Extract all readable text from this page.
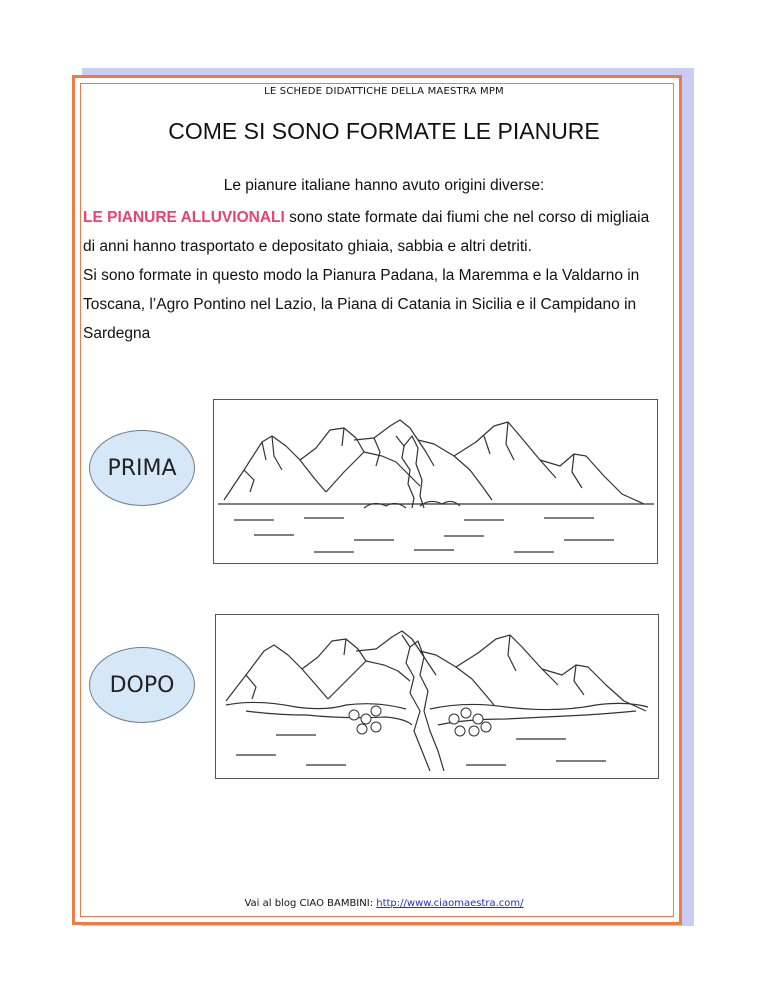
LE SCHEDE DIDATTICHE DELLA MAESTRA MPM
COME SI SONO FORMATE LE PIANURE
Le pianure italiane hanno avuto origini diverse:
LE PIANURE ALLUVIONALI sono state formate dai fiumi che nel corso di migliaia di anni hanno trasportato e depositato ghiaia, sabbia e altri detriti.
Si sono formate in questo modo la Pianura Padana, la Maremma e la Valdarno in Toscana, l’Agro Pontino nel Lazio, la Piana di Catania in Sicilia e il Campidano in Sardegna
PRIMA
DOPO
Vai al blog CIAO BAMBINI: http://www.ciaomaestra.com/
